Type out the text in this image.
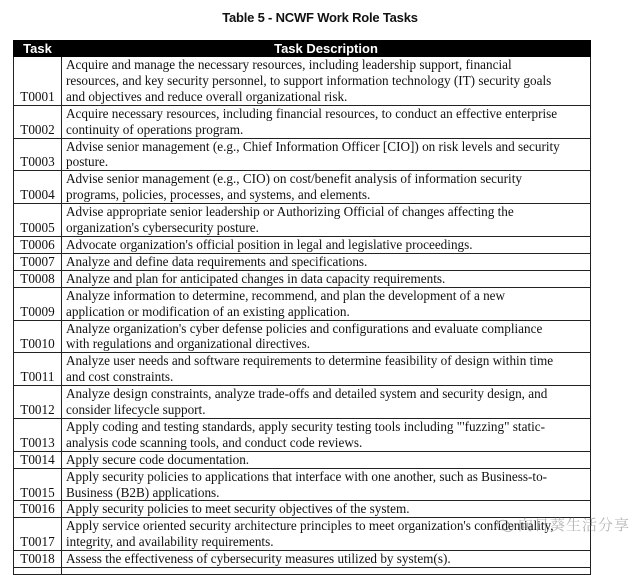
Table 5 - NCWF Work Role Tasks
Task	Task Description
T0001	Acquire and manage the necessary resources, including leadership support, financial
resources, and key security personnel, to support information technology (IT) security goals
and objectives and reduce overall organizational risk.

T0002	Acquire necessary resources, including financial resources, to conduct an effective enterprise
continuity of operations program.

T0003	Advise senior management (e.g., Chief Information Officer [CIO]) on risk levels and security
posture.

T0004	Advise senior management (e.g., CIO) on cost/benefit analysis of information security
programs, policies, processes, and systems, and elements.

T0005	Advise appropriate senior leadership or Authorizing Official of changes affecting the
organization's cybersecurity posture.

T0006	Advocate organization's official position in legal and legislative proceedings.

T0007	Analyze and define data requirements and specifications.

T0008	Analyze and plan for anticipated changes in data capacity requirements.

T0009	Analyze information to determine, recommend, and plan the development of a new
application or modification of an existing application.

T0010	Analyze organization's cyber defense policies and configurations and evaluate compliance
with regulations and organizational directives.

T0011	Analyze user needs and software requirements to determine feasibility of design within time
and cost constraints.

T0012	Analyze design constraints, analyze trade-offs and detailed system and security design, and
consider lifecycle support.

T0013	Apply coding and testing standards, apply security testing tools including "'fuzzing" static-
analysis code scanning tools, and conduct code reviews.

T0014	Apply secure code documentation.

T0015	Apply security policies to applications that interface with one another, such as Business-to-
Business (B2B) applications.

T0016	Apply security policies to meet security objectives of the system.

T0017	Apply service oriented security architecture principles to meet organization's confidentiality,
integrity, and availability requirements.

T0018	Assess the effectiveness of cybersecurity measures utilized by system(s).

向日葵生活分享
